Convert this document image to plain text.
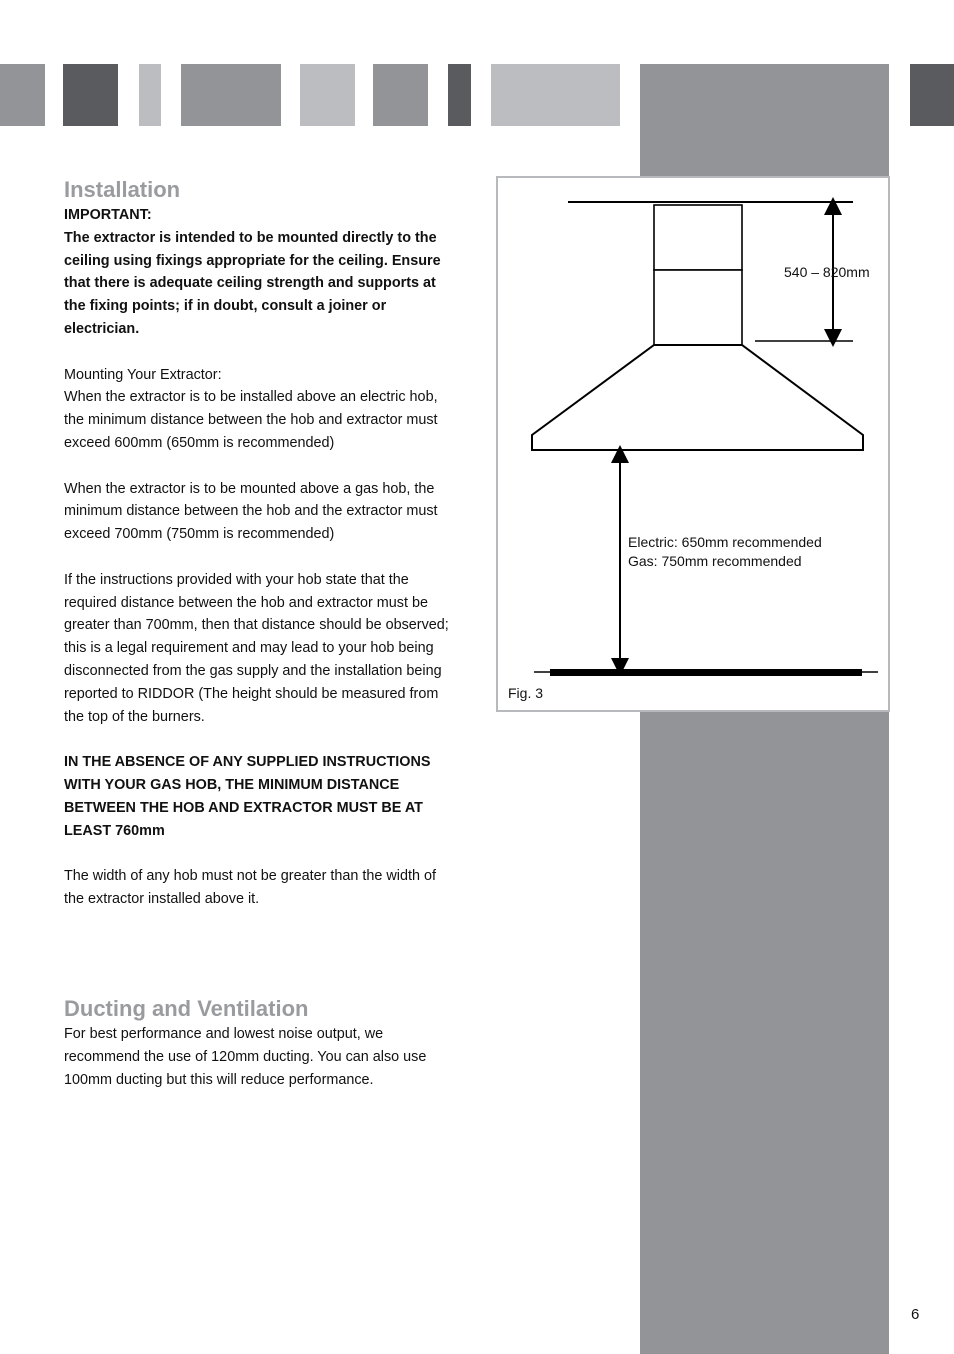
Installation
IMPORTANT:

The extractor is intended to be mounted directly to the ceiling using fixings appropriate for the ceiling. Ensure that there is adequate ceiling strength and supports at the fixing points; if in doubt, consult a joiner or electrician.

Mounting Your Extractor:

When the extractor is to be installed above an electric hob, the minimum distance between the hob and extractor must exceed 600mm (650mm is recommended)

When the extractor is to be mounted above a gas hob, the minimum distance between the hob and the extractor must exceed 700mm (750mm is recommended)

If the instructions provided with your hob state that the required distance between the hob and extractor must be greater than 700mm, then that distance should be observed; this is a legal requirement and may lead to your hob being disconnected from the gas supply and the installation being reported to RIDDOR (The height should be measured from the top of the burners.

IN THE ABSENCE OF ANY SUPPLIED INSTRUCTIONS WITH YOUR GAS HOB, THE MINIMUM DISTANCE BETWEEN THE HOB AND EXTRACTOR MUST BE AT LEAST 760mm

The width of any hob must not be greater than the width of the extractor installed above it.

Ducting and Ventilation

For best performance and lowest noise output, we recommend the use of 120mm ducting. You can also use 100mm ducting but this will reduce performance.

540 – 820mm
Electric: 650mm recommended
Gas: 750mm recommended
Fig. 3
6
